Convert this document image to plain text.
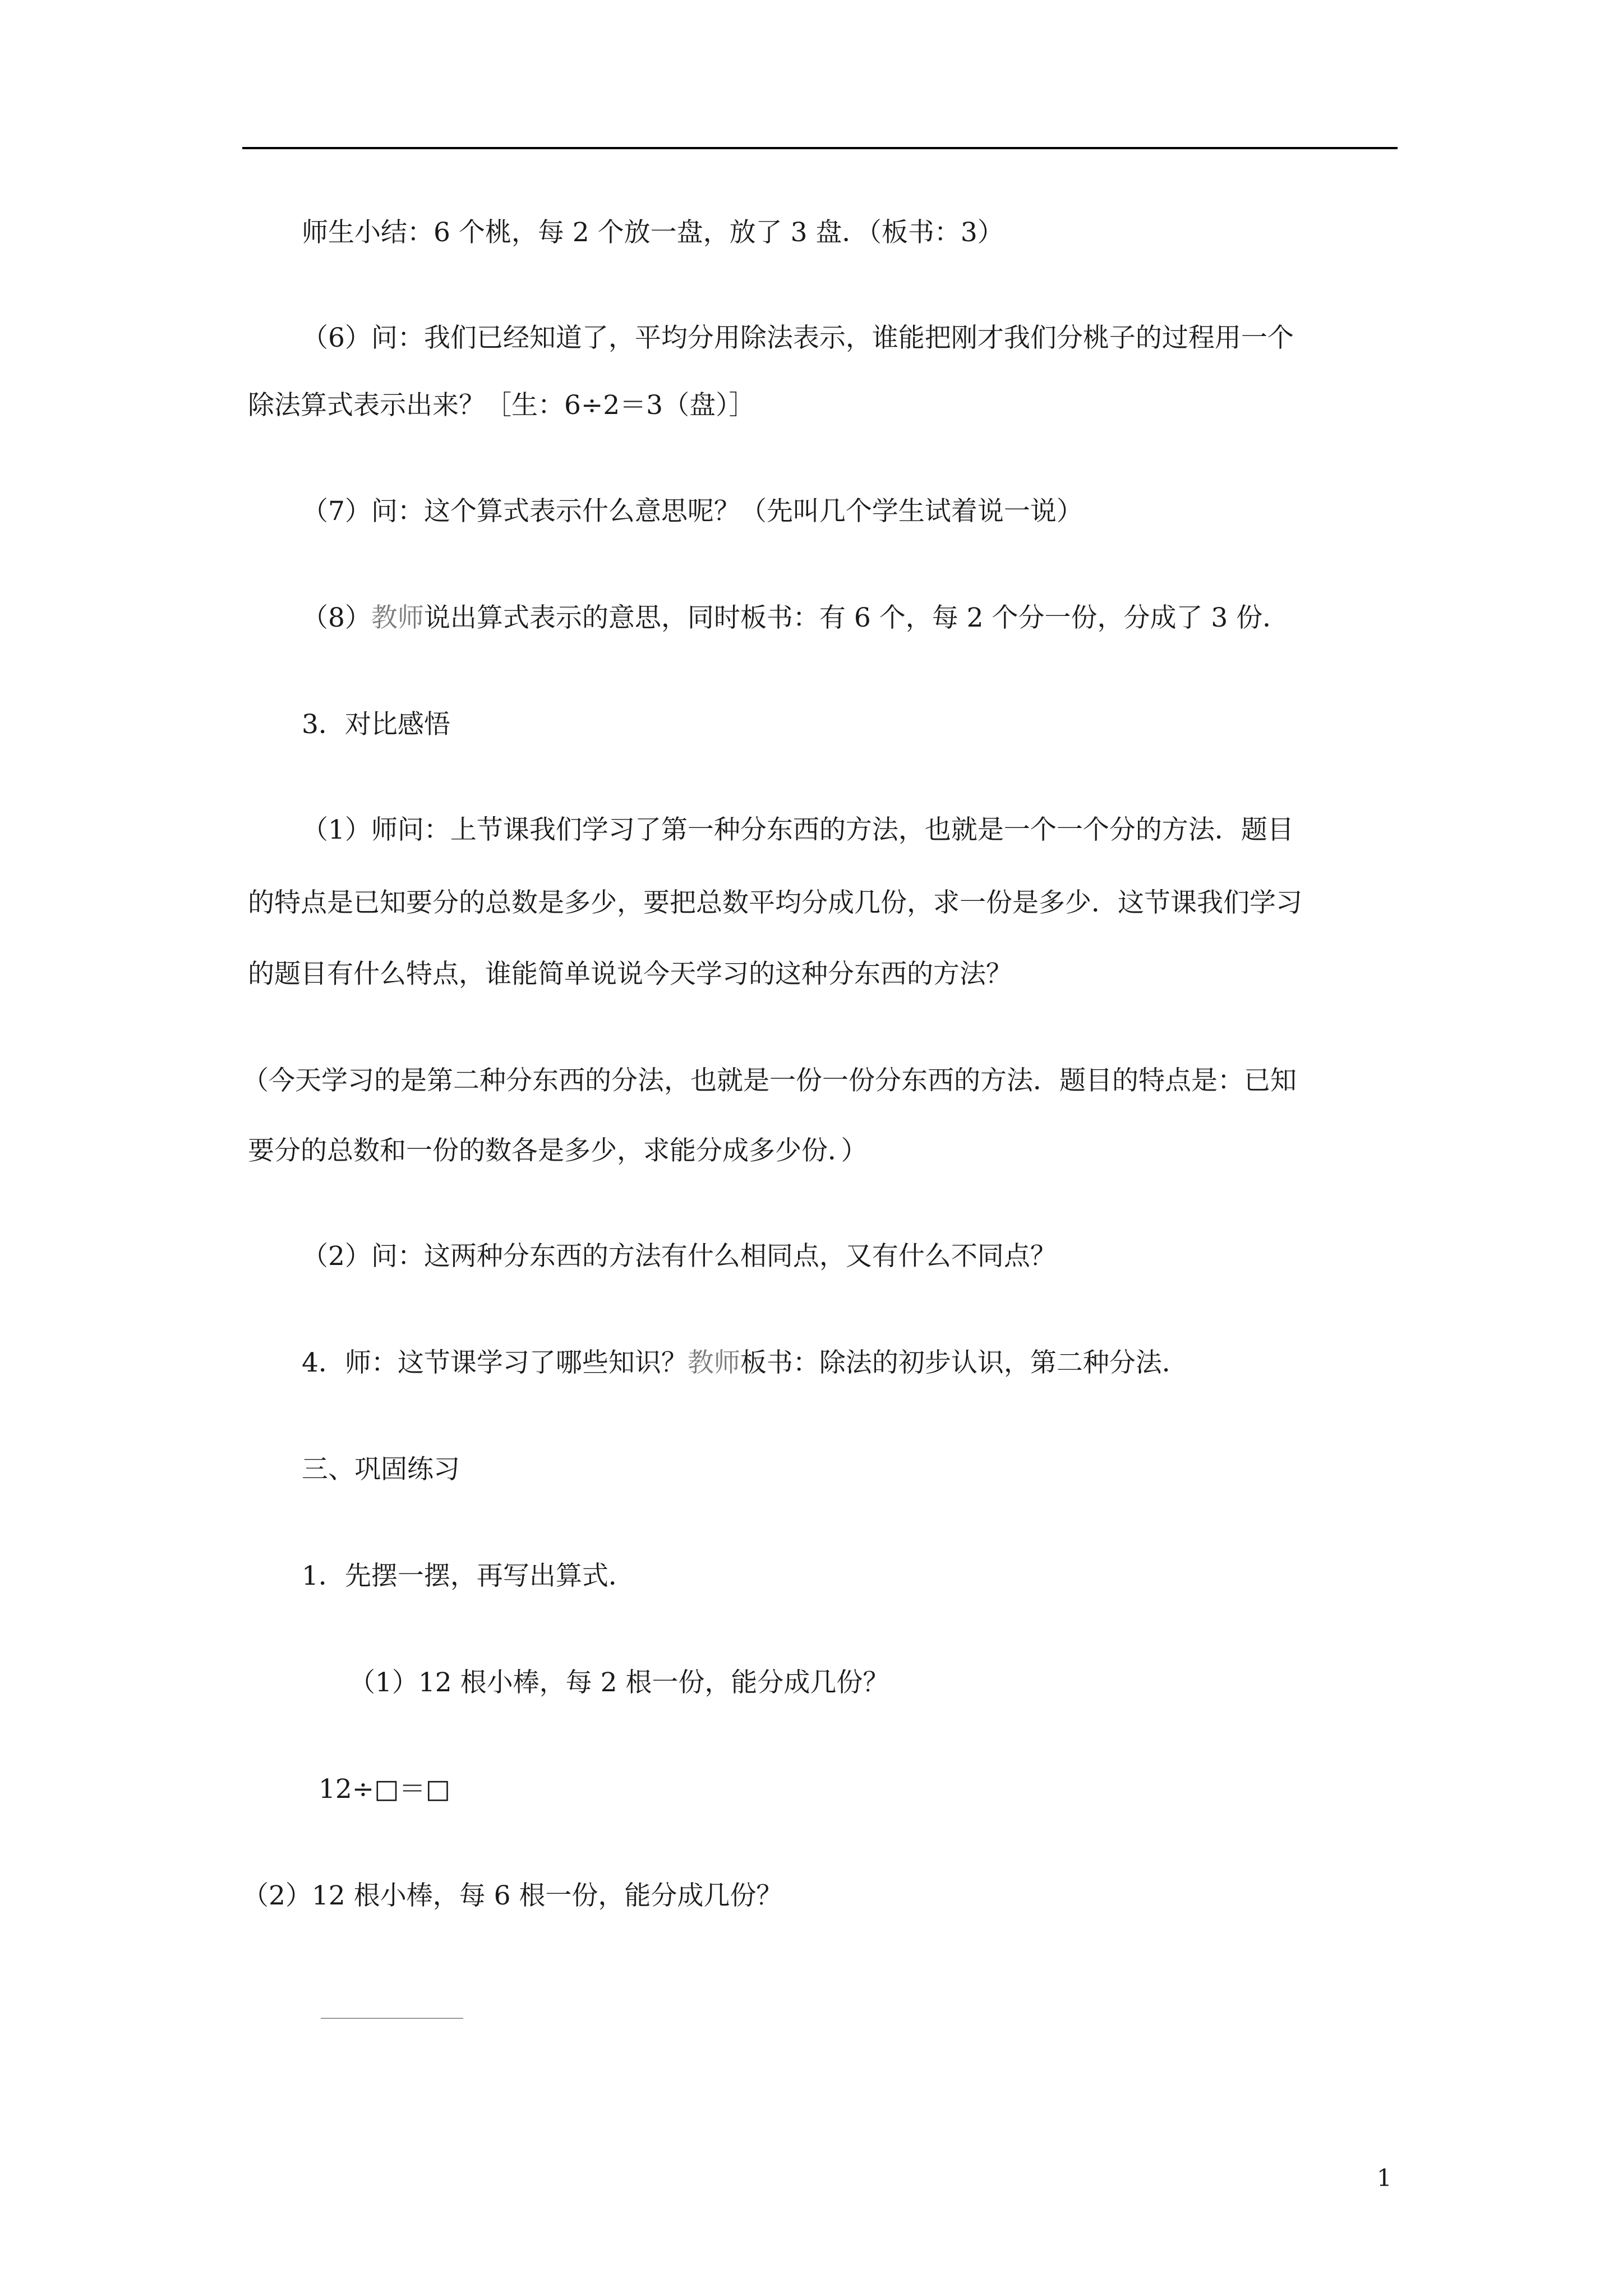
师生小结：6 个桃，每 2 个放一盘，放了 3 盘．（板书：3）
（6）问：我们已经知道了，平均分用除法表示，谁能把刚才我们分桃子的过程用一个
除法算式表示出来？［生：6÷2＝3（盘）］
（7）问：这个算式表示什么意思呢？（先叫几个学生试着说一说）
（8）教师说出算式表示的意思，同时板书：有 6 个，每 2 个分一份，分成了 3 份．
3．对比感悟
（1）师问：上节课我们学习了第一种分东西的方法，也就是一个一个分的方法．题目
的特点是已知要分的总数是多少，要把总数平均分成几份，求一份是多少．这节课我们学习
的题目有什么特点，谁能简单说说今天学习的这种分东西的方法？
（今天学习的是第二种分东西的分法，也就是一份一份分东西的方法．题目的特点是：已知
要分的总数和一份的数各是多少，求能分成多少份．）
（2）问：这两种分东西的方法有什么相同点，又有什么不同点？
4．师：这节课学习了哪些知识？教师板书：除法的初步认识，第二种分法．
三、巩固练习
1．先摆一摆，再写出算式．
（1）12 根小棒，每 2 根一份，能分成几份？
12÷□＝□
（2）12 根小棒，每 6 根一份，能分成几份？
1
